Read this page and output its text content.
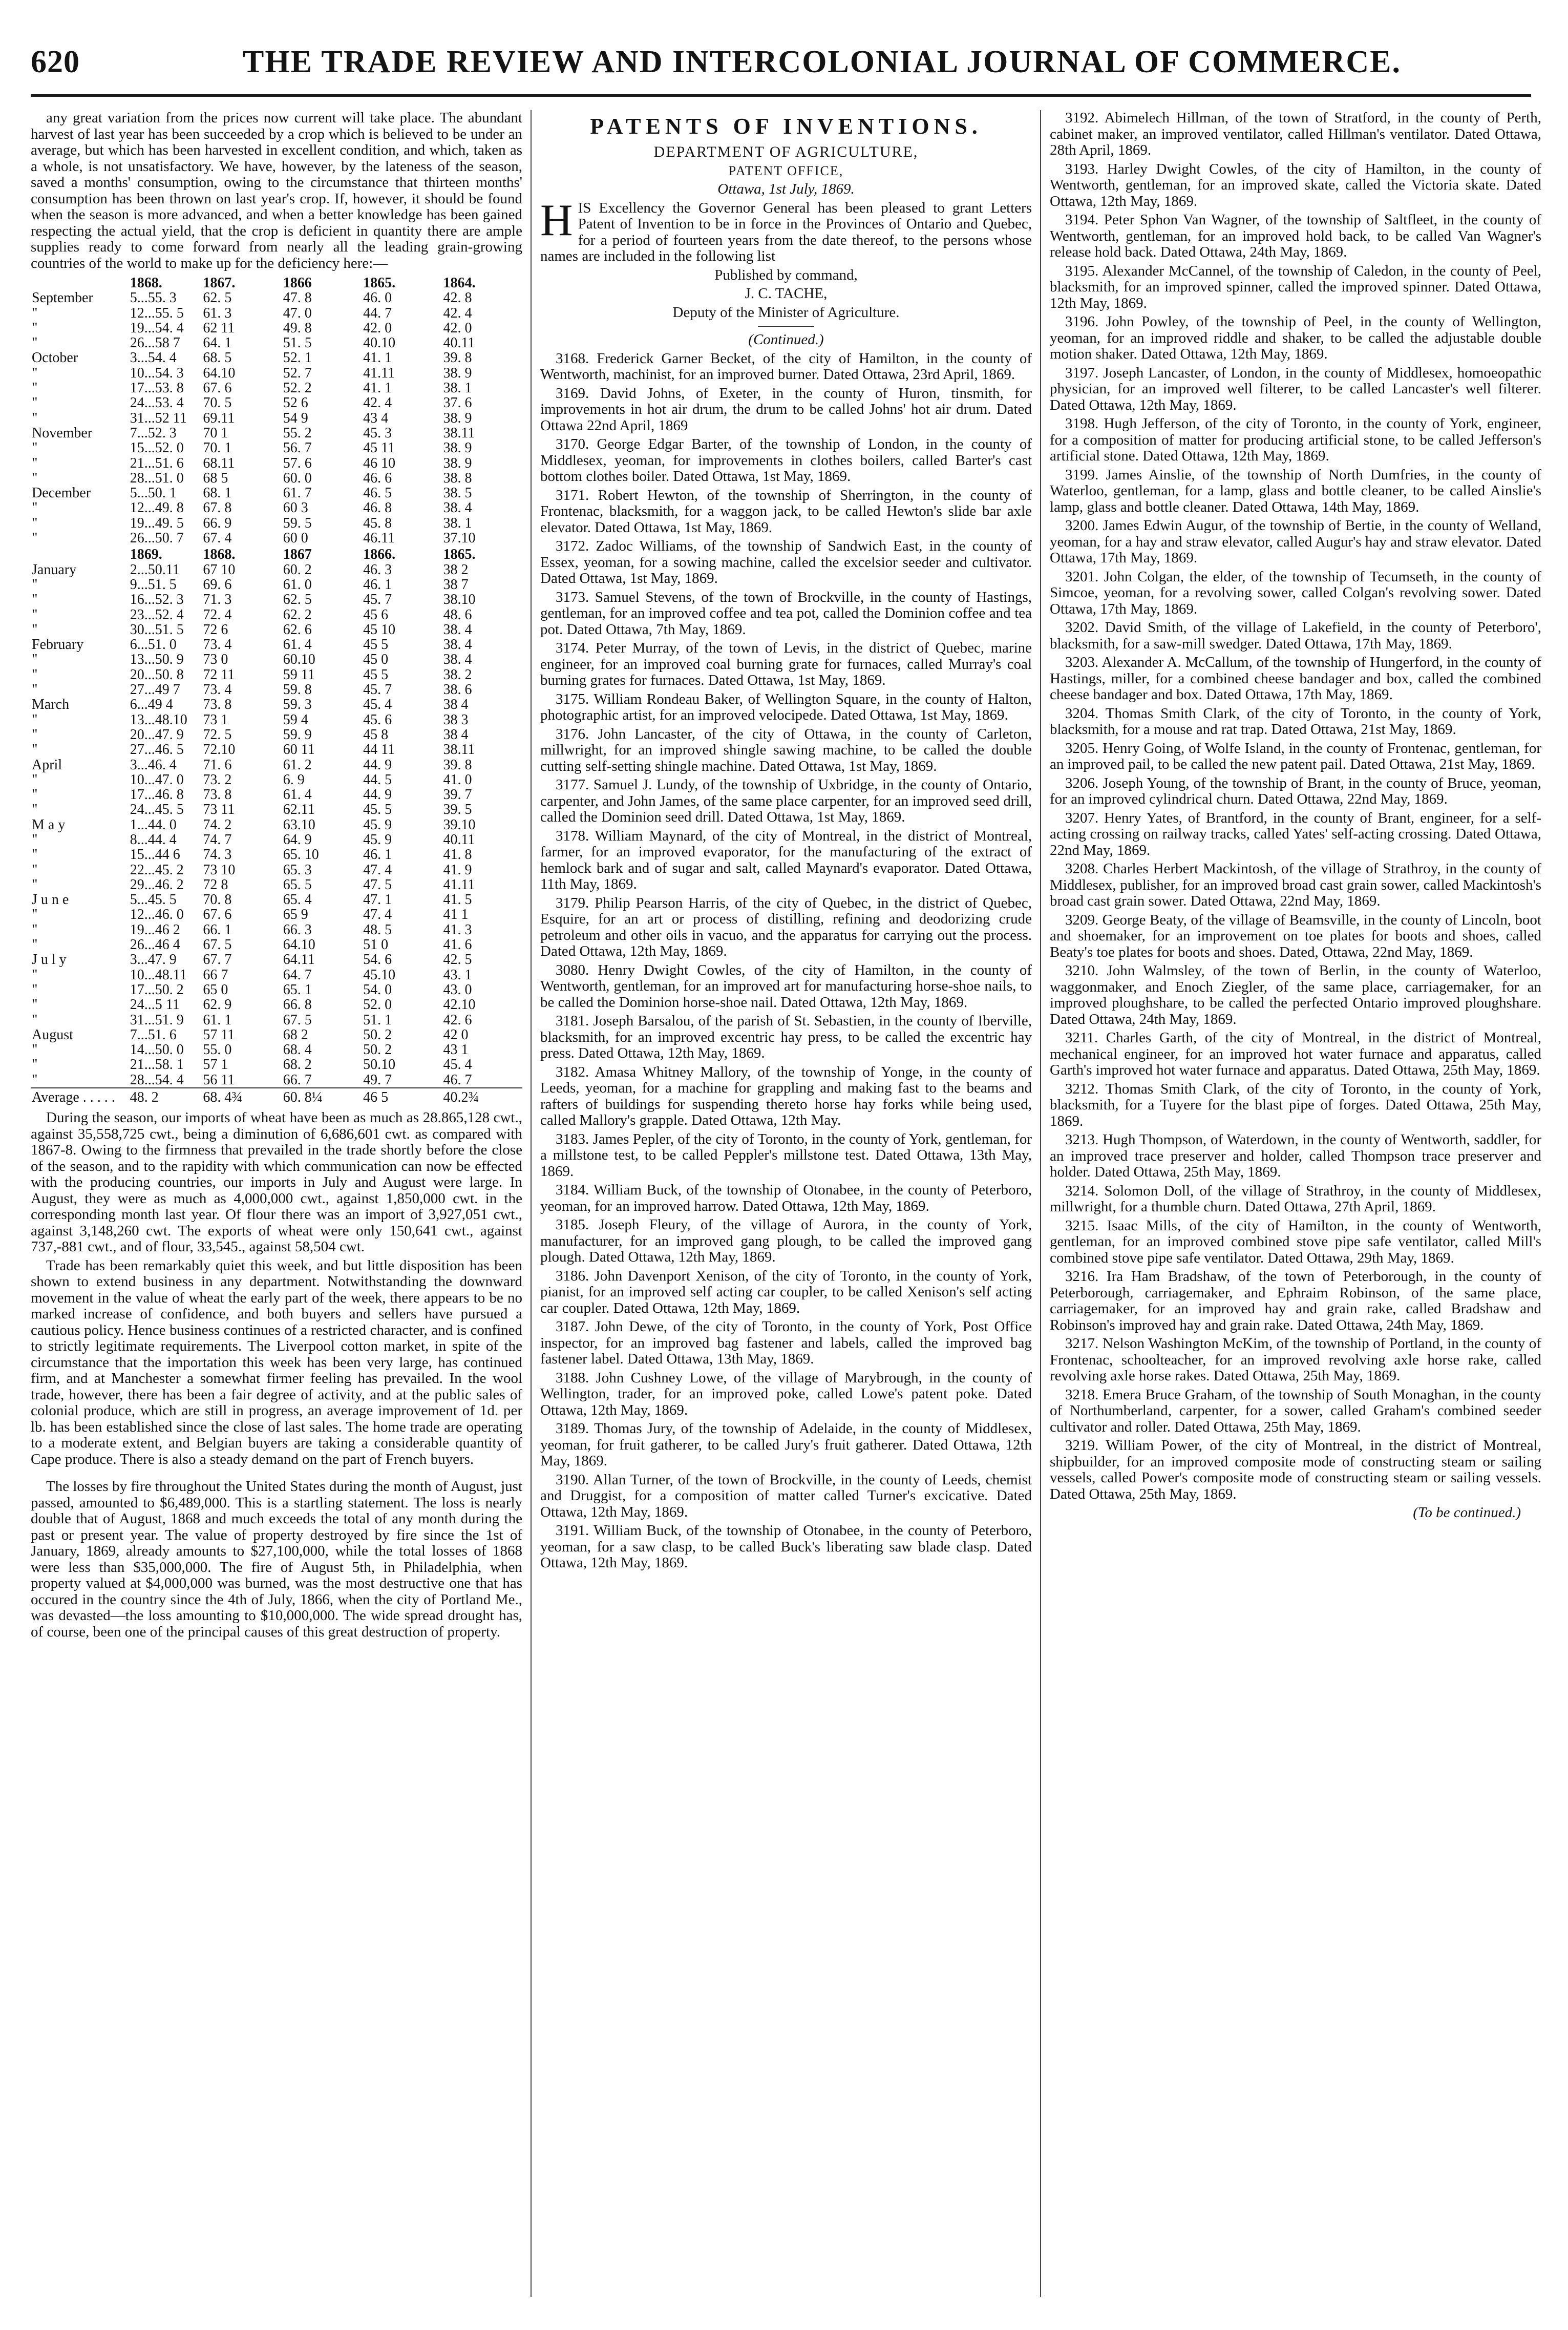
620	THE TRADE REVIEW AND INTERCOLONIAL JOURNAL OF COMMERCE.

any great variation from the prices now current will take place. The abundant harvest of last year has been succeeded by a crop which is believed to be under an average, but which has been harvested in excellent condition, and which, taken as a whole, is not unsatisfactory. We have, however, by the lateness of the season, saved a months' consumption, owing to the circumstance that thirteen months' consumption has been thrown on last year's crop. If, however, it should be found when the season is more advanced, and when a better knowledge has been gained respecting the actual yield, that the crop is deficient in quantity there are ample supplies ready to come forward from nearly all the leading grain-growing countries of the world to make up for the deficiency here:—

	1868.	1867.	1866	1865.	1864.
September	5...55. 3	62. 5	47. 8	46. 0	42. 8
"	12...55. 5	61. 3	47. 0	44. 7	42. 4
"	19...54. 4	62 11	49. 8	42. 0	42. 0
"	26...58 7	64. 1	51. 5	40.10	40.11
October	3...54. 4	68. 5	52. 1	41. 1	39. 8
"	10...54. 3	64.10	52. 7	41.11	38. 9
"	17...53. 8	67. 6	52. 2	41. 1	38. 1
"	24...53. 4	70. 5	52 6	42. 4	37. 6
"	31...52 11	69.11	54 9	43 4	38. 9
November	7...52. 3	70 1	55. 2	45. 3	38.11
"	15...52. 0	70. 1	56. 7	45 11	38. 9
"	21...51. 6	68.11	57. 6	46 10	38. 9
"	28...51. 0	68 5	60. 0	46. 6	38. 8
December	5...50. 1	68. 1	61. 7	46. 5	38. 5
"	12...49. 8	67. 8	60 3	46. 8	38. 4
"	19...49. 5	66. 9	59. 5	45. 8	38. 1
"	26...50. 7	67. 4	60 0	46.11	37.10
	1869.	1868.	1867	1866.	1865.
January	2...50.11	67 10	60. 2	46. 3	38 2
"	9...51. 5	69. 6	61. 0	46. 1	38 7
"	16...52. 3	71. 3	62. 5	45. 7	38.10
"	23...52. 4	72. 4	62. 2	45 6	48. 6
"	30...51. 5	72 6	62. 6	45 10	38. 4
February	6...51. 0	73. 4	61. 4	45 5	38. 4
"	13...50. 9	73 0	60.10	45 0	38. 4
"	20...50. 8	72 11	59 11	45 5	38. 2
"	27...49 7	73. 4	59. 8	45. 7	38. 6
March	6...49 4	73. 8	59. 3	45. 4	38 4
"	13...48.10	73 1	59 4	45. 6	38 3
"	20...47. 9	72. 5	59. 9	45 8	38 4
"	27...46. 5	72.10	60 11	44 11	38.11
April	3...46. 4	71. 6	61. 2	44. 9	39. 8
"	10...47. 0	73. 2	6. 9	44. 5	41. 0
"	17...46. 8	73. 8	61. 4	44. 9	39. 7
"	24...45. 5	73 11	62.11	45. 5	39. 5
M a y	1...44. 0	74. 2	63.10	45. 9	39.10
"	8...44. 4	74. 7	64. 9	45. 9	40.11
"	15...44 6	74. 3	65. 10	46. 1	41. 8
"	22...45. 2	73 10	65. 3	47. 4	41. 9
"	29...46. 2	72 8	65. 5	47. 5	41.11
J u n e	5...45. 5	70. 8	65. 4	47. 1	41. 5
"	12...46. 0	67. 6	65 9	47. 4	41 1
"	19...46 2	66. 1	66. 3	48. 5	41. 3
"	26...46 4	67. 5	64.10	51 0	41. 6
J u l y	3...47. 9	67. 7	64.11	54. 6	42. 5
"	10...48.11	66 7	64. 7	45.10	43. 1
"	17...50. 2	65 0	65. 1	54. 0	43. 0
"	24...5 11	62. 9	66. 8	52. 0	42.10
"	31...51. 9	61. 1	67. 5	51. 1	42. 6
August	7...51. 6	57 11	68 2	50. 2	42 0
"	14...50. 0	55. 0	68. 4	50. 2	43 1
"	21...58. 1	57 1	68. 2	50.10	45. 4
"	28...54. 4	56 11	66. 7	49. 7	46. 7
Average . . . . .	48. 2	68. 4¾	60. 8¼	46 5	40.2¾

During the season, our imports of wheat have been as much as 28.865,128 cwt., against 35,558,725 cwt., being a diminution of 6,686,601 cwt. as compared with 1867-8. Owing to the firmness that prevailed in the trade shortly before the close of the season, and to the rapidity with which communication can now be effected with the producing countries, our imports in July and August were large. In August, they were as much as 4,000,000 cwt., against 1,850,000 cwt. in the corresponding month last year. Of flour there was an import of 3,927,051 cwt., against 3,148,260 cwt. The exports of wheat were only 150,641 cwt., against 737,-881 cwt., and of flour, 33,545., against 58,504 cwt.

Trade has been remarkably quiet this week, and but little disposition has been shown to extend business in any department. Notwithstanding the downward movement in the value of wheat the early part of the week, there appears to be no marked increase of confidence, and both buyers and sellers have pursued a cautious policy. Hence business continues of a restricted character, and is confined to strictly legitimate requirements. The Liverpool cotton market, in spite of the circumstance that the importation this week has been very large, has continued firm, and at Manchester a somewhat firmer feeling has prevailed. In the wool trade, however, there has been a fair degree of activity, and at the public sales of colonial produce, which are still in progress, an average improvement of 1d. per lb. has been established since the close of last sales. The home trade are operating to a moderate extent, and Belgian buyers are taking a considerable quantity of Cape produce. There is also a steady demand on the part of French buyers.

The losses by fire throughout the United States during the month of August, just passed, amounted to $6,489,000. This is a startling statement. The loss is nearly double that of August, 1868 and much exceeds the total of any month during the past or present year. The value of property destroyed by fire since the 1st of January, 1869, already amounts to $27,100,000, while the total losses of 1868 were less than $35,000,000. The fire of August 5th, in Philadelphia, when property valued at $4,000,000 was burned, was the most destructive one that has occured in the country since the 4th of July, 1866, when the city of Portland Me., was devasted—the loss amounting to $10,000,000. The wide spread drought has, of course, been one of the principal causes of this great destruction of property.

PATENTS OF INVENTIONS.

DEPARTMENT OF AGRICULTURE,

PATENT OFFICE,

Ottawa, 1st July, 1869.

HIS Excellency the Governor General has been pleased to grant Letters Patent of Invention to be in force in the Provinces of Ontario and Quebec, for a period of fourteen years from the date thereof, to the persons whose names are included in the following list

Published by command,

J. C. TACHE,

Deputy of the Minister of Agriculture.

(Continued.)

3168. Frederick Garner Becket, of the city of Hamilton, in the county of Wentworth, machinist, for an improved burner. Dated Ottawa, 23rd April, 1869.

3169. David Johns, of Exeter, in the county of Huron, tinsmith, for improvements in hot air drum, the drum to be called Johns' hot air drum. Dated Ottawa 22nd April, 1869

3170. George Edgar Barter, of the township of London, in the county of Middlesex, yeoman, for improvements in clothes boilers, called Barter's cast bottom clothes boiler. Dated Ottawa, 1st May, 1869.

3171. Robert Hewton, of the township of Sherrington, in the county of Frontenac, blacksmith, for a waggon jack, to be called Hewton's slide bar axle elevator. Dated Ottawa, 1st May, 1869.

3172. Zadoc Williams, of the township of Sandwich East, in the county of Essex, yeoman, for a sowing machine, called the excelsior seeder and cultivator. Dated Ottawa, 1st May, 1869.

3173. Samuel Stevens, of the town of Brockville, in the county of Hastings, gentleman, for an improved coffee and tea pot, called the Dominion coffee and tea pot. Dated Ottawa, 7th May, 1869.

3174. Peter Murray, of the town of Levis, in the district of Quebec, marine engineer, for an improved coal burning grate for furnaces, called Murray's coal burning grates for furnaces. Dated Ottawa, 1st May, 1869.

3175. William Rondeau Baker, of Wellington Square, in the county of Halton, photographic artist, for an improved velocipede. Dated Ottawa, 1st May, 1869.

3176. John Lancaster, of the city of Ottawa, in the county of Carleton, millwright, for an improved shingle sawing machine, to be called the double cutting self-setting shingle machine. Dated Ottawa, 1st May, 1869.

3177. Samuel J. Lundy, of the township of Uxbridge, in the county of Ontario, carpenter, and John James, of the same place carpenter, for an improved seed drill, called the Dominion seed drill. Dated Ottawa, 1st May, 1869.

3178. William Maynard, of the city of Montreal, in the district of Montreal, farmer, for an improved evaporator, for the manufacturing of the extract of hemlock bark and of sugar and salt, called Maynard's evaporator. Dated Ottawa, 11th May, 1869.

3179. Philip Pearson Harris, of the city of Quebec, in the district of Quebec, Esquire, for an art or process of distilling, refining and deodorizing crude petroleum and other oils in vacuo, and the apparatus for carrying out the process. Dated Ottawa, 12th May, 1869.

3080. Henry Dwight Cowles, of the city of Hamilton, in the county of Wentworth, gentleman, for an improved art for manufacturing horse-shoe nails, to be called the Dominion horse-shoe nail. Dated Ottawa, 12th May, 1869.

3181. Joseph Barsalou, of the parish of St. Sebastien, in the county of Iberville, blacksmith, for an improved excentric hay press, to be called the excentric hay press. Dated Ottawa, 12th May, 1869.

3182. Amasa Whitney Mallory, of the township of Yonge, in the county of Leeds, yeoman, for a machine for grappling and making fast to the beams and rafters of buildings for suspending thereto horse hay forks while being used, called Mallory's grapple. Dated Ottawa, 12th May.

3183. James Pepler, of the city of Toronto, in the county of York, gentleman, for a millstone test, to be called Peppler's millstone test. Dated Ottawa, 13th May, 1869.

3184. William Buck, of the township of Otonabee, in the county of Peterboro, yeoman, for an improved harrow. Dated Ottawa, 12th May, 1869.

3185. Joseph Fleury, of the village of Aurora, in the county of York, manufacturer, for an improved gang plough, to be called the improved gang plough. Dated Ottawa, 12th May, 1869.

3186. John Davenport Xenison, of the city of Toronto, in the county of York, pianist, for an improved self acting car coupler, to be called Xenison's self acting car coupler. Dated Ottawa, 12th May, 1869.

3187. John Dewe, of the city of Toronto, in the county of York, Post Office inspector, for an improved bag fastener and labels, called the improved bag fastener label. Dated Ottawa, 13th May, 1869.

3188. John Cushney Lowe, of the village of Marybrough, in the county of Wellington, trader, for an improved poke, called Lowe's patent poke. Dated Ottawa, 12th May, 1869.

3189. Thomas Jury, of the township of Adelaide, in the county of Middlesex, yeoman, for fruit gatherer, to be called Jury's fruit gatherer. Dated Ottawa, 12th May, 1869.

3190. Allan Turner, of the town of Brockville, in the county of Leeds, chemist and Druggist, for a composition of matter called Turner's excicative. Dated Ottawa, 12th May, 1869.

3191. William Buck, of the township of Otonabee, in the county of Peterboro, yeoman, for a saw clasp, to be called Buck's liberating saw blade clasp. Dated Ottawa, 12th May, 1869.

3192. Abimelech Hillman, of the town of Stratford, in the county of Perth, cabinet maker, an improved ventilator, called Hillman's ventilator. Dated Ottawa, 28th April, 1869.

3193. Harley Dwight Cowles, of the city of Hamilton, in the county of Wentworth, gentleman, for an improved skate, called the Victoria skate. Dated Ottawa, 12th May, 1869.

3194. Peter Sphon Van Wagner, of the township of Saltfleet, in the county of Wentworth, gentleman, for an improved hold back, to be called Van Wagner's release hold back. Dated Ottawa, 24th May, 1869.

3195. Alexander McCannel, of the township of Caledon, in the county of Peel, blacksmith, for an improved spinner, called the improved spinner. Dated Ottawa, 12th May, 1869.

3196. John Powley, of the township of Peel, in the county of Wellington, yeoman, for an improved riddle and shaker, to be called the adjustable double motion shaker. Dated Ottawa, 12th May, 1869.

3197. Joseph Lancaster, of London, in the county of Middlesex, homoeopathic physician, for an improved well filterer, to be called Lancaster's well filterer. Dated Ottawa, 12th May, 1869.

3198. Hugh Jefferson, of the city of Toronto, in the county of York, engineer, for a composition of matter for producing artificial stone, to be called Jefferson's artificial stone. Dated Ottawa, 12th May, 1869.

3199. James Ainslie, of the township of North Dumfries, in the county of Waterloo, gentleman, for a lamp, glass and bottle cleaner, to be called Ainslie's lamp, glass and bottle cleaner. Dated Ottawa, 14th May, 1869.

3200. James Edwin Augur, of the township of Bertie, in the county of Welland, yeoman, for a hay and straw elevator, called Augur's hay and straw elevator. Dated Ottawa, 17th May, 1869.

3201. John Colgan, the elder, of the township of Tecumseth, in the county of Simcoe, yeoman, for a revolving sower, called Colgan's revolving sower. Dated Ottawa, 17th May, 1869.

3202. David Smith, of the village of Lakefield, in the county of Peterboro', blacksmith, for a saw-mill swedger. Dated Ottawa, 17th May, 1869.

3203. Alexander A. McCallum, of the township of Hungerford, in the county of Hastings, miller, for a combined cheese bandager and box, called the combined cheese bandager and box. Dated Ottawa, 17th May, 1869.

3204. Thomas Smith Clark, of the city of Toronto, in the county of York, blacksmith, for a mouse and rat trap. Dated Ottawa, 21st May, 1869.

3205. Henry Going, of Wolfe Island, in the county of Frontenac, gentleman, for an improved pail, to be called the new patent pail. Dated Ottawa, 21st May, 1869.

3206. Joseph Young, of the township of Brant, in the county of Bruce, yeoman, for an improved cylindrical churn. Dated Ottawa, 22nd May, 1869.

3207. Henry Yates, of Brantford, in the county of Brant, engineer, for a self-acting crossing on railway tracks, called Yates' self-acting crossing. Dated Ottawa, 22nd May, 1869.

3208. Charles Herbert Mackintosh, of the village of Strathroy, in the county of Middlesex, publisher, for an improved broad cast grain sower, called Mackintosh's broad cast grain sower. Dated Ottawa, 22nd May, 1869.

3209. George Beaty, of the village of Beamsville, in the county of Lincoln, boot and shoemaker, for an improvement on toe plates for boots and shoes, called Beaty's toe plates for boots and shoes. Dated, Ottawa, 22nd May, 1869.

3210. John Walmsley, of the town of Berlin, in the county of Waterloo, waggonmaker, and Enoch Ziegler, of the same place, carriagemaker, for an improved ploughshare, to be called the perfected Ontario improved ploughshare. Dated Ottawa, 24th May, 1869.

3211. Charles Garth, of the city of Montreal, in the district of Montreal, mechanical engineer, for an improved hot water furnace and apparatus, called Garth's improved hot water furnace and apparatus. Dated Ottawa, 25th May, 1869.

3212. Thomas Smith Clark, of the city of Toronto, in the county of York, blacksmith, for a Tuyere for the blast pipe of forges. Dated Ottawa, 25th May, 1869.

3213. Hugh Thompson, of Waterdown, in the county of Wentworth, saddler, for an improved trace preserver and holder, called Thompson trace preserver and holder. Dated Ottawa, 25th May, 1869.

3214. Solomon Doll, of the village of Strathroy, in the county of Middlesex, millwright, for a thumble churn. Dated Ottawa, 27th April, 1869.

3215. Isaac Mills, of the city of Hamilton, in the county of Wentworth, gentleman, for an improved combined stove pipe safe ventilator, called Mill's combined stove pipe safe ventilator. Dated Ottawa, 29th May, 1869.

3216. Ira Ham Bradshaw, of the town of Peterborough, in the county of Peterborough, carriagemaker, and Ephraim Robinson, of the same place, carriagemaker, for an improved hay and grain rake, called Bradshaw and Robinson's improved hay and grain rake. Dated Ottawa, 24th May, 1869.

3217. Nelson Washington McKim, of the township of Portland, in the county of Frontenac, schoolteacher, for an improved revolving axle horse rake, called revolving axle horse rakes. Dated Ottawa, 25th May, 1869.

3218. Emera Bruce Graham, of the township of South Monaghan, in the county of Northumberland, carpenter, for a sower, called Graham's combined seeder cultivator and roller. Dated Ottawa, 25th May, 1869.

3219. William Power, of the city of Montreal, in the district of Montreal, shipbuilder, for an improved composite mode of constructing steam or sailing vessels, called Power's composite mode of constructing steam or sailing vessels. Dated Ottawa, 25th May, 1869.

(To be continued.)
